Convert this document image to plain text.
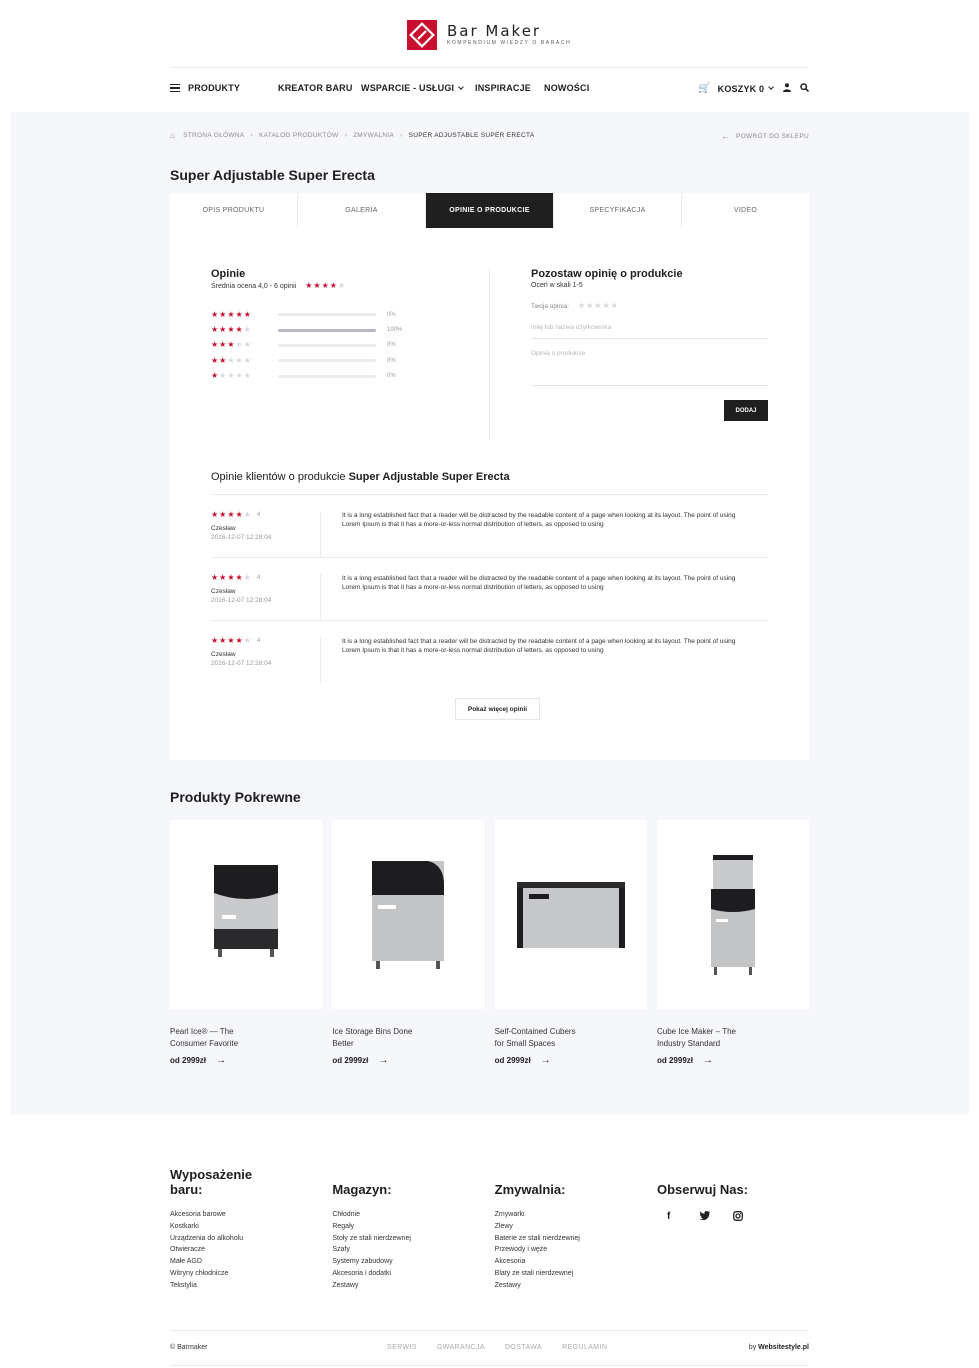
Bar Maker
KOMPENDIUM WIEDZY O BARACH
PRODUKTY	KREATOR BARU WSPARCIE - USŁUGI INSPIRACJE NOWOŚCI	🛒 KOSZYK 0
⌂ STRONA GŁÓWNA › KATALOG PRODUKTÓW › ZMYWALNIA › SUPER ADJUSTABLE SUPER ERECTA	← POWRÓT DO SKLEPU
Super Adjustable Super Erecta
OPIS PRODUKTU	GALERIA	OPINIE O PRODUKCIE	SPECYFIKACJA	VIDEO
Opinie
Średnia ocena 4,0 - 6 opinii ★ ★ ★ ★ ★
★ ★ ★ ★ ★	0%
★ ★ ★ ★ ★	100%
★ ★ ★ ★ ★	0%
★ ★ ★ ★ ★	0%
★ ★ ★ ★ ★	0%
Pozostaw opinię o produkcie
Oceń w skali 1-5
Twoja opinia: ★ ★ ★ ★ ★
imię lub nazwa użytkownika
Opinia o produkcie
DODAJ
Opinie klientów o produkcie Super Adjustable Super Erecta
★ ★ ★ ★ ★ 4
Czesław
2016-12-07 12:28:04
It is a long established fact that a reader will be distracted by the readable content of a page when looking at its layout. The point of using Lorem Ipsum is that it has a more-or-less normal distribution of letters, as opposed to using
★ ★ ★ ★ ★ 4
Czesław
2016-12-07 12:28:04
It is a long established fact that a reader will be distracted by the readable content of a page when looking at its layout. The point of using Lorem Ipsum is that it has a more-or-less normal distribution of letters, as opposed to using
★ ★ ★ ★ ★ 4
Czesław
2016-12-07 12:28:04
It is a long established fact that a reader will be distracted by the readable content of a page when looking at its layout. The point of using Lorem Ipsum is that it has a more-or-less normal distribution of letters, as opposed to using
Pokaż więcej opinii
Produkty Pokrewne
Pearl Ice® — The
Consumer Favorite
od 2999zł →
Ice Storage Bins Done
Better
od 2999zł →
Self-Contained Cubers
for Small Spaces
od 2999zł →
Cube Ice Maker – The
Industry Standard
od 2999zł →
Wyposażenie
baru:
Akcesoria barowe
Kostkarki
Urządzenia do alkoholu
Otwieracze
Małe AGD
Witryny chłodnicze
Tekstylia
Magazyn:
Chłodnie
Regały
Stoły ze stali nierdzewnej
Szafy
Systemy zabudowy
Akcesoria i dodatki
Zestawy
Zmywalnia:
Zmywarki
Zlewy
Baterie ze stali nierdzewnej
Przewody i węże
Akcesoria
Blaty ze stali nierdzewnej
Zestawy
Obserwuj Nas:
f
© Barmaker	SERWIS	GWARANCJA	DOSTAWA	REGULAMIN	by Websitestyle.pl
